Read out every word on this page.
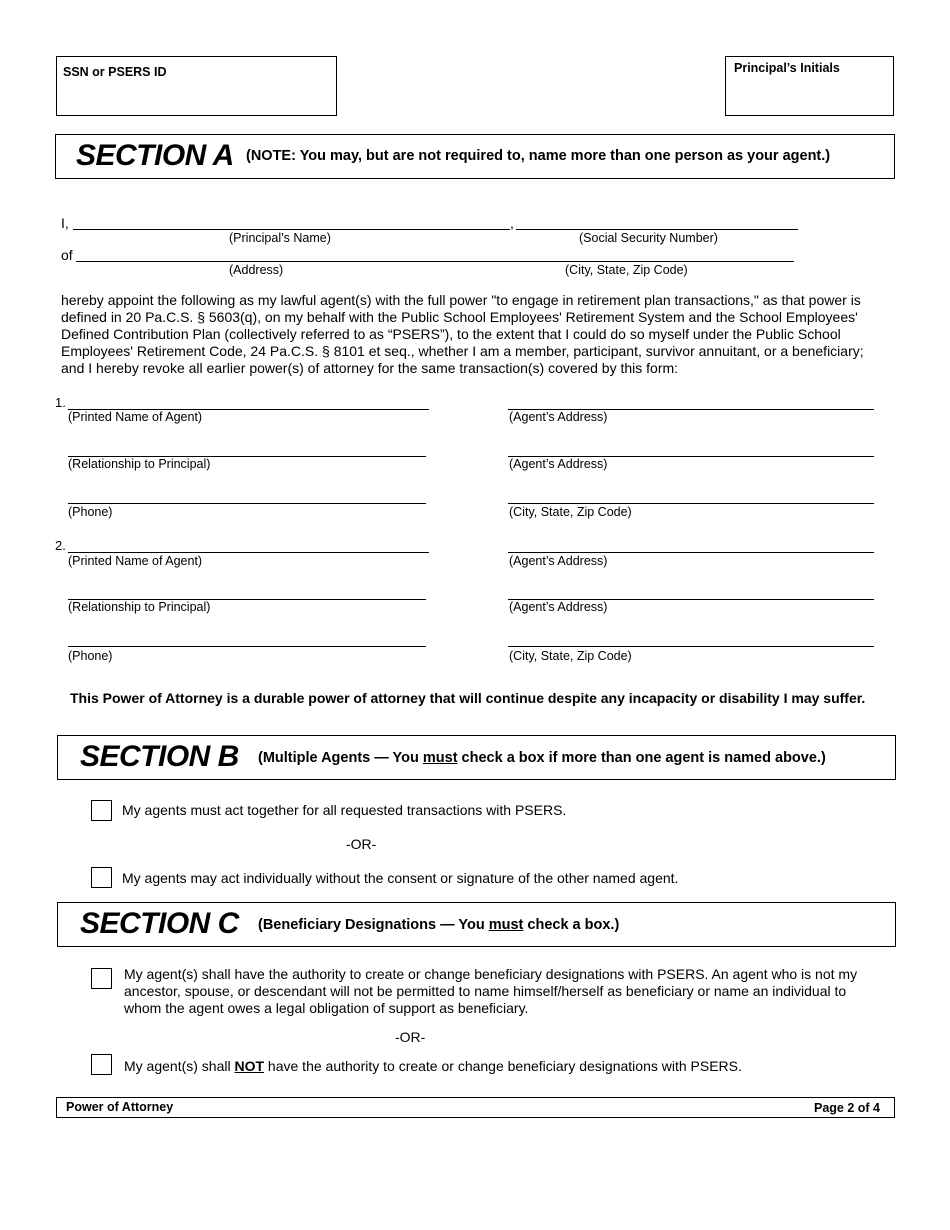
SSN or PSERS ID	Principal’s Initials
SECTION A (NOTE: You may, but are not required to, name more than one person as your agent.)
I,	,
(Principal’s Name)	(Social Security Number)
of
(Address)	(City, State, Zip Code)
hereby appoint the following as my lawful agent(s) with the full power "to engage in retirement plan transactions," as that power is defined in 20 Pa.C.S. § 5603(q), on my behalf with the Public School Employees' Retirement System and the School Employees' Defined Contribution Plan (collectively referred to as “PSERS”), to the extent that I could do so myself under the Public School Employees' Retirement Code, 24 Pa.C.S. § 8101 et seq., whether I am a member, participant, survivor annuitant, or a beneficiary; and I hereby revoke all earlier power(s) of attorney for the same transaction(s) covered by this form:
1.
(Printed Name of Agent)	(Agent’s Address)
(Relationship to Principal)	(Agent’s Address)
(Phone)	(City, State, Zip Code)
2.
(Printed Name of Agent)	(Agent’s Address)
(Relationship to Principal)	(Agent’s Address)
(Phone)	(City, State, Zip Code)
This Power of Attorney is a durable power of attorney that will continue despite any incapacity or disability I may suffer.
SECTION B (Multiple Agents — You must check a box if more than one agent is named above.)
My agents must act together for all requested transactions with PSERS.
-OR-
My agents may act individually without the consent or signature of the other named agent.
SECTION C (Beneficiary Designations — You must check a box.)
My agent(s) shall have the authority to create or change beneficiary designations with PSERS. An agent who is not my ancestor, spouse, or descendant will not be permitted to name himself/herself as beneficiary or name an individual to whom the agent owes a legal obligation of support as beneficiary.
-OR-
My agent(s) shall NOT have the authority to create or change beneficiary designations with PSERS.
Power of Attorney	Page 2 of 4
